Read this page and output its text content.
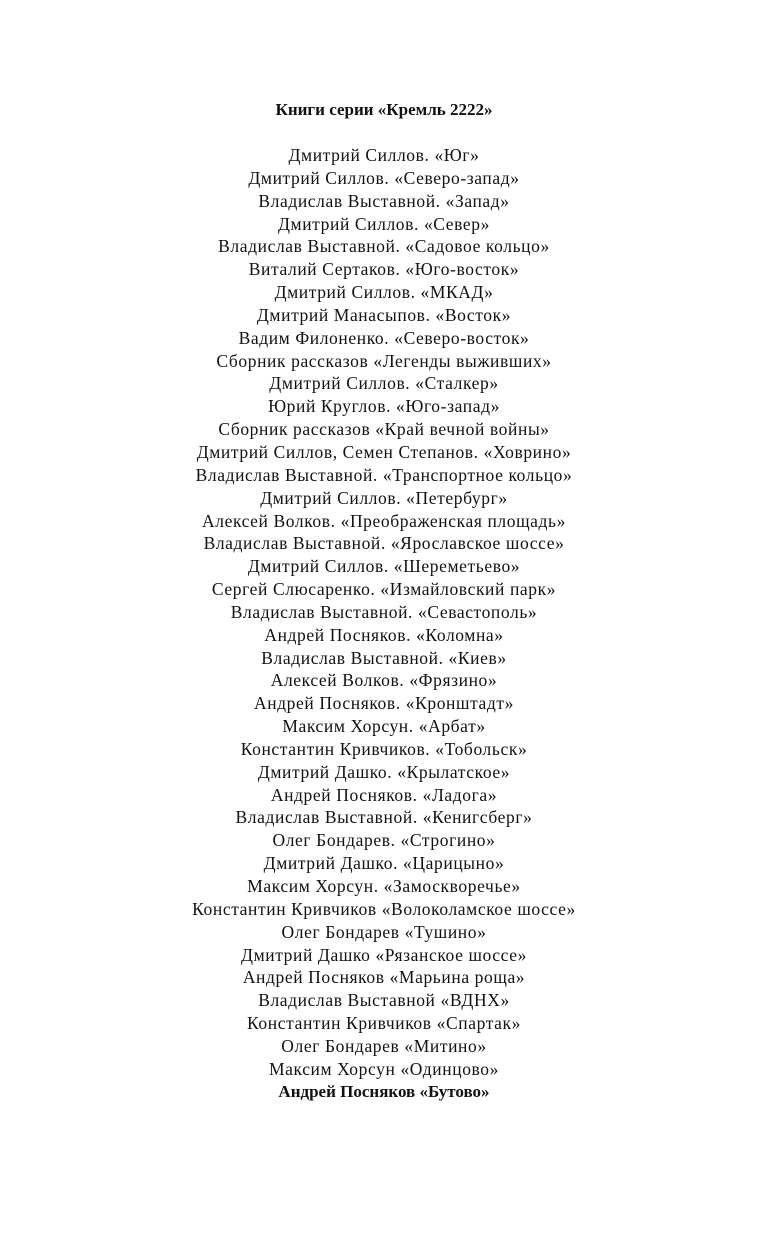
Книги серии «Кремль 2222»
Дмитрий Силлов. «Юг»
Дмитрий Силлов. «Северо-запад»
Владислав Выставной. «Запад»
Дмитрий Силлов. «Север»
Владислав Выставной. «Садовое кольцо»
Виталий Сертаков. «Юго-восток»
Дмитрий Силлов. «МКАД»
Дмитрий Манасыпов. «Восток»
Вадим Филоненко. «Северо-восток»
Сборник рассказов «Легенды выживших»
Дмитрий Силлов. «Сталкер»
Юрий Круглов. «Юго-запад»
Сборник рассказов «Край вечной войны»
Дмитрий Силлов, Семен Степанов. «Ховрино»
Владислав Выставной. «Транспортное кольцо»
Дмитрий Силлов. «Петербург»
Алексей Волков. «Преображенская площадь»
Владислав Выставной. «Ярославское шоссе»
Дмитрий Силлов. «Шереметьево»
Сергей Слюсаренко. «Измайловский парк»
Владислав Выставной. «Севастополь»
Андрей Посняков. «Коломна»
Владислав Выставной. «Киев»
Алексей Волков. «Фрязино»
Андрей Посняков. «Кронштадт»
Максим Хорсун. «Арбат»
Константин Кривчиков. «Тобольск»
Дмитрий Дашко. «Крылатское»
Андрей Посняков. «Ладога»
Владислав Выставной. «Кенигсберг»
Олег Бондарев. «Строгино»
Дмитрий Дашко. «Царицыно»
Максим Хорсун. «Замоскворечье»
Константин Кривчиков «Волоколамское шоссе»
Олег Бондарев «Тушино»
Дмитрий Дашко «Рязанское шоссе»
Андрей Посняков «Марьина роща»
Владислав Выставной «ВДНХ»
Константин Кривчиков «Спартак»
Олег Бондарев «Митино»
Максим Хорсун «Одинцово»
Андрей Посняков «Бутово»
